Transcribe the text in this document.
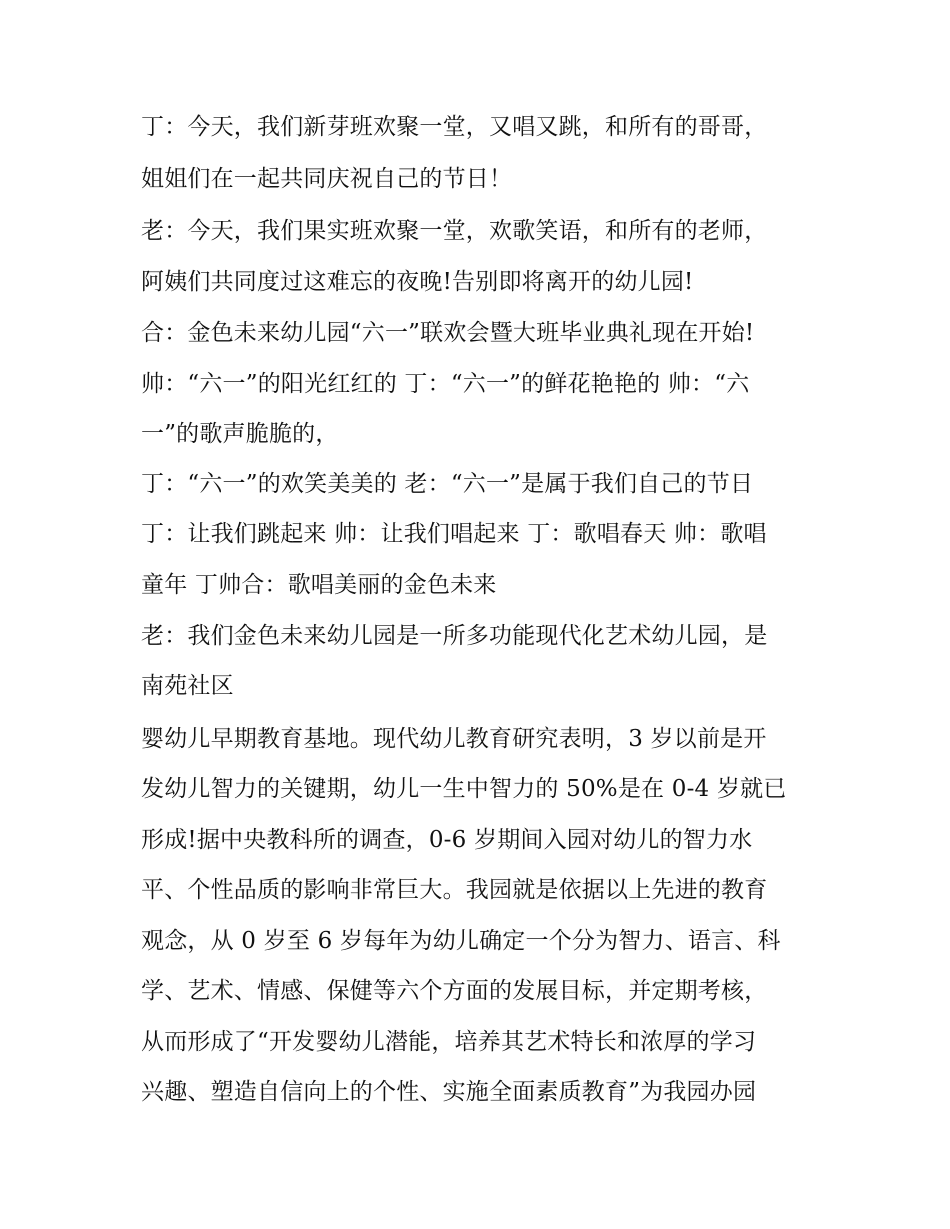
丁：今天，我们新芽班欢聚一堂，又唱又跳，和所有的哥哥，
姐姐们在一起共同庆祝自己的节日！
老：今天，我们果实班欢聚一堂，欢歌笑语，和所有的老师，
阿姨们共同度过这难忘的夜晚!告别即将离开的幼儿园!
合：金色未来幼儿园“六一”联欢会暨大班毕业典礼现在开始!
帅：“六一”的阳光红红的 丁：“六一”的鲜花艳艳的 帅：“六
一”的歌声脆脆的，
丁：“六一”的欢笑美美的 老：“六一”是属于我们自己的节日
丁：让我们跳起来 帅：让我们唱起来 丁：歌唱春天 帅：歌唱
童年 丁帅合：歌唱美丽的金色未来
老：我们金色未来幼儿园是一所多功能现代化艺术幼儿园，是
南苑社区
婴幼儿早期教育基地。现代幼儿教育研究表明，3 岁以前是开
发幼儿智力的关键期，幼儿一生中智力的 50%是在 0-4 岁就已
形成!据中央教科所的调查，0-6 岁期间入园对幼儿的智力水
平、个性品质的影响非常巨大。我园就是依据以上先进的教育
观念，从 0 岁至 6 岁每年为幼儿确定一个分为智力、语言、科
学、艺术、情感、保健等六个方面的发展目标，并定期考核，
从而形成了“开发婴幼儿潜能，培养其艺术特长和浓厚的学习
兴趣、塑造自信向上的个性、实施全面素质教育”为我园办园
